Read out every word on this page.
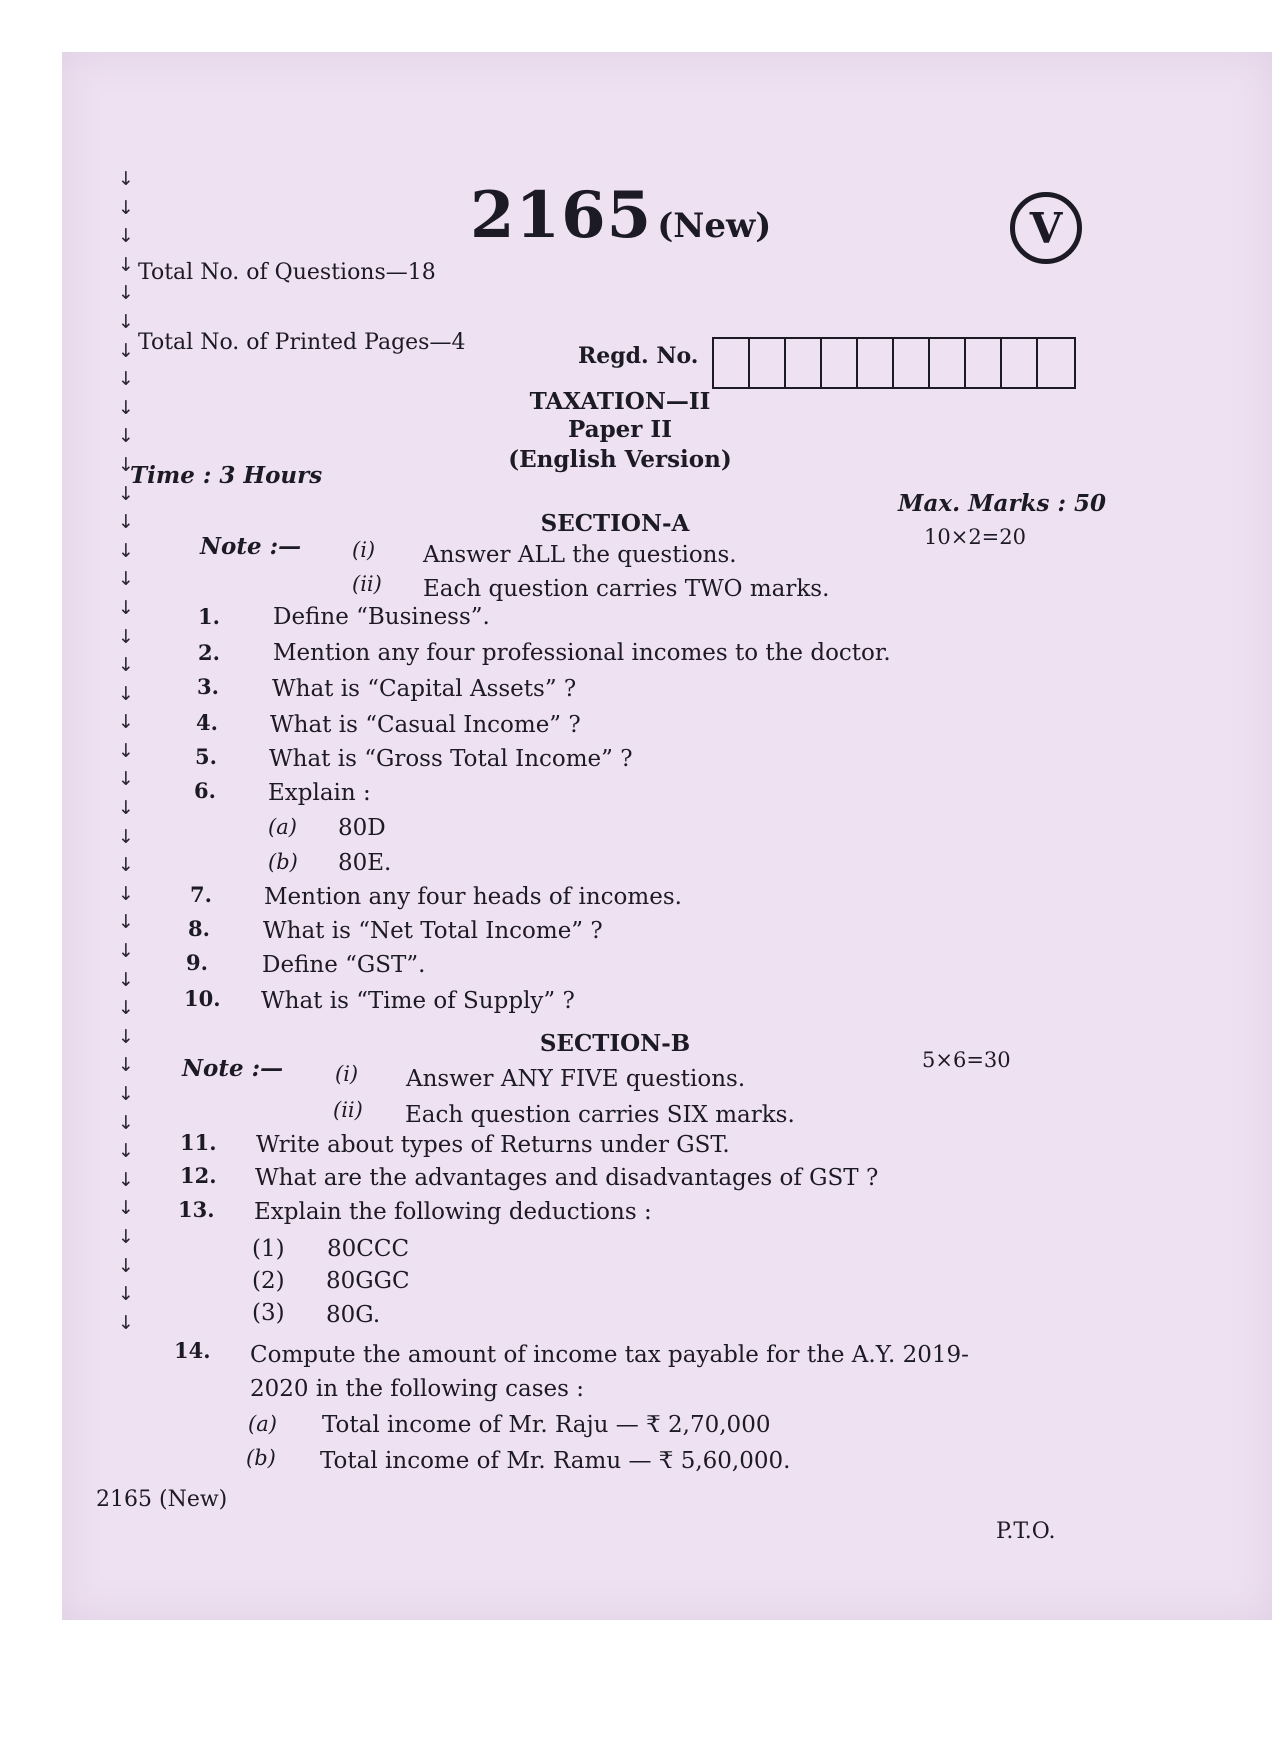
↓
↓
↓
↓
↓
↓
↓
↓
↓
↓
↓
↓
↓
↓
↓
↓
↓
↓
↓
↓
↓
↓
↓
↓
↓
↓
↓
↓
↓
↓
↓
↓
↓
↓
↓
↓
↓
↓
↓
↓
↓
2165 (New)	V
Total No. of Questions—18
Total No. of Printed Pages—4
Regd. No.
TAXATION—II
Paper II
(English Version)
Time : 3 Hours
Max. Marks : 50
SECTION-A	10×2=20
Note :— (i) Answer ALL the questions.
(ii) Each question carries TWO marks.
1. Define “Business”.
2. Mention any four professional incomes to the doctor.
3. What is “Capital Assets” ?
4. What is “Casual Income” ?
5. What is “Gross Total Income” ?
6. Explain :
(a) 80D
(b) 80E.
7. Mention any four heads of incomes.
8. What is “Net Total Income” ?
9. Define “GST”.
10. What is “Time of Supply” ?
SECTION-B
5×6=30
Note :— (i) Answer ANY FIVE questions.
(ii) Each question carries SIX marks.
11. Write about types of Returns under GST.
12. What are the advantages and disadvantages of GST ?
13. Explain the following deductions :
(1) 80CCC
(2) 80GGC
(3) 80G.
14. Compute the amount of income tax payable for the A.Y. 2019-
2020 in the following cases :
(a) Total income of Mr. Raju — ₹ 2,70,000
(b) Total income of Mr. Ramu — ₹ 5,60,000.
2165 (New)
P.T.O.
